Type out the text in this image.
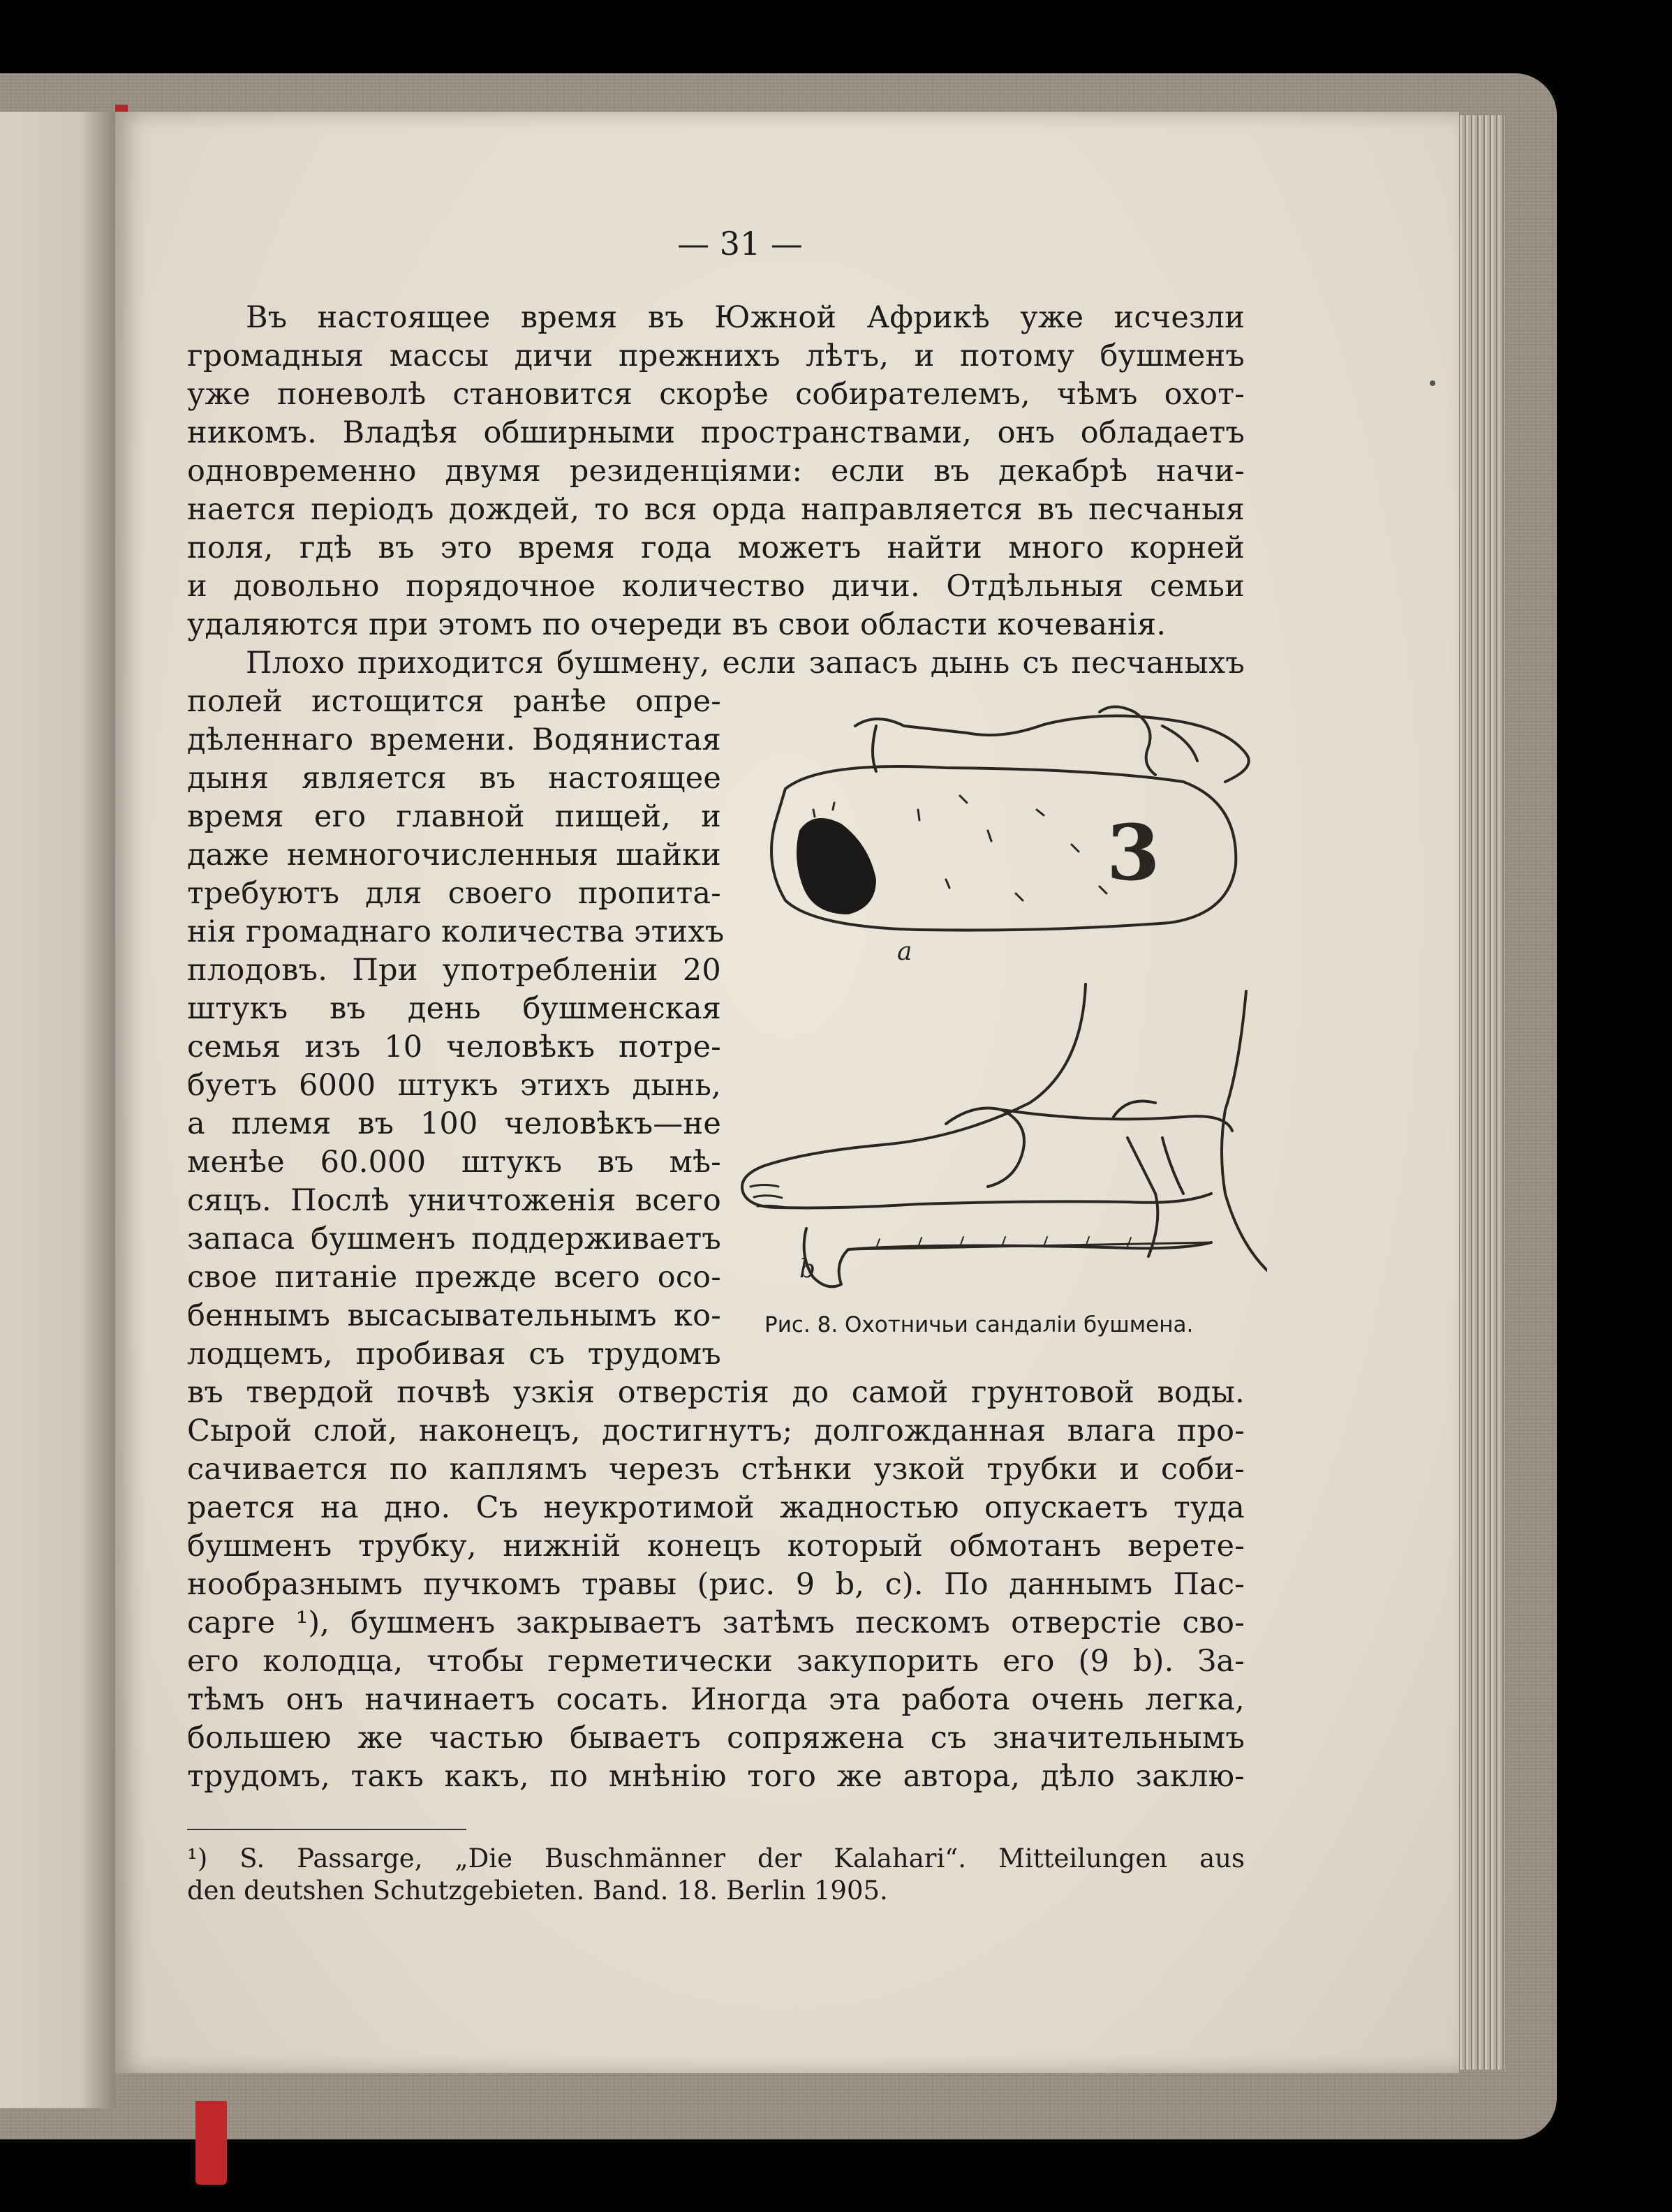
— 31 —
Въ настоящее время въ Южной Африкѣ уже исчезли
громадныя массы дичи прежнихъ лѣтъ, и потому бушменъ
уже поневолѣ становится скорѣе собирателемъ, чѣмъ охот-
никомъ. Владѣя обширными пространствами, онъ обладаетъ
одновременно двумя резиденціями: если въ декабрѣ начи-
нается періодъ дождей, то вся орда направляется въ песчаныя
поля, гдѣ въ это время года можетъ найти много корней
и довольно порядочное количество дичи. Отдѣльныя семьи
удаляются при этомъ по очереди въ свои области кочеванія.
Плохо приходится бушмену, если запасъ дынь съ песчаныхъ
полей истощится ранѣе опре-
дѣленнаго времени. Водянистая
дыня является въ настоящее
время его главной пищей, и
даже немногочисленныя шайки
требуютъ для своего пропита-
нія громаднаго количества этихъ
плодовъ. При употребленіи 20
штукъ въ день бушменская
семья изъ 10 человѣкъ потре-
буетъ 6000 штукъ этихъ дынь,
а племя въ 100 человѣкъ—не
менѣе 60.000 штукъ въ мѣ-
сяцъ. Послѣ уничтоженія всего
запаса бушменъ поддерживаетъ
свое питаніе прежде всего осо-
беннымъ высасывательнымъ ко-
лодцемъ, пробивая съ трудомъ
въ твердой почвѣ узкія отверстія до самой грунтовой воды.
Сырой слой, наконецъ, достигнутъ; долгожданная влага про-
сачивается по каплямъ черезъ стѣнки узкой трубки и соби-
рается на дно. Съ неукротимой жадностью опускаетъ туда
бушменъ трубку, нижній конецъ который обмотанъ верете-
нообразнымъ пучкомъ травы (рис. 9 b, c). По даннымъ Пас-
сарге ¹), бушменъ закрываетъ затѣмъ пескомъ отверстіе сво-
его колодца, чтобы герметически закупорить его (9 b). За-
тѣмъ онъ начинаетъ сосать. Иногда эта работа очень легка,
большею же частью бываетъ сопряжена съ значительнымъ
трудомъ, такъ какъ, по мнѣнію того же автора, дѣло заклю-
3
a
b
Рис. 8. Охотничьи сандаліи бушмена.
¹) S. Passarge, „Die Buschmänner der Kalahari“. Mitteilungen aus
den deutshen Schutzgebieten. Band. 18. Berlin 1905.
